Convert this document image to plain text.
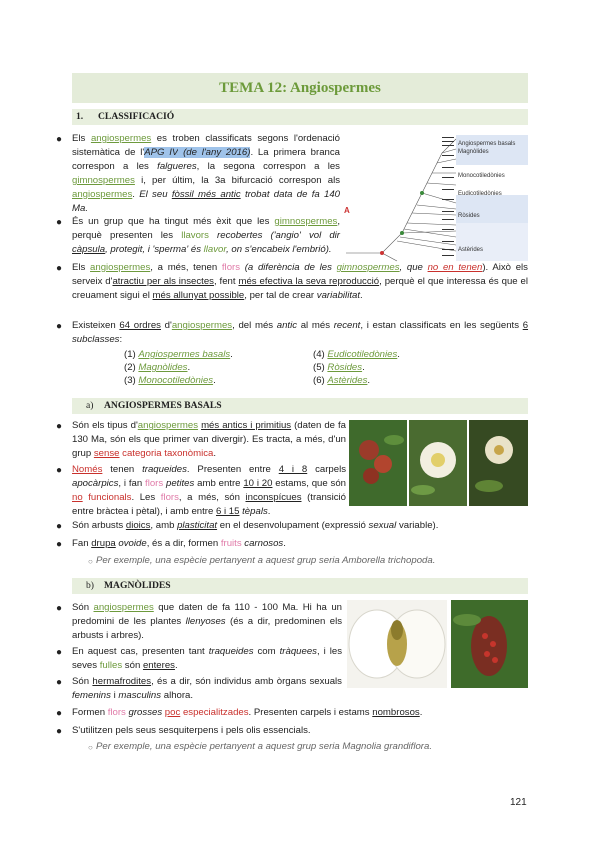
TEMA 12: Angiospermes
1. CLASSIFICACIÓ
A
Angiospermes basals
Magnòlides
Monocotiledònies
Eudicotiledònies
Ròsides
Astèrides
● Els angiospermes es troben classificats segons l'ordenació sistemàtica de l'APG IV (de l'any 2016). La primera branca correspon a les falgueres, la segona correspon a les gimnospermes i, per últim, la 3a bifurcació correspon als angiospermes. El seu fòssil més antic trobat data de fa 140 Ma.
● És un grup que ha tingut més èxit que les gimnospermes, perquè presenten les llavors recobertes ('angio' vol dir càpsula, protegit, i 'sperma' és llavor, on s'encabeix l'embrió).
● Els angiospermes, a més, tenen flors (a diferència de les gimnospermes, que no en tenen). Això els serveix d'atractiu per als insectes, fent més efectiva la seva reproducció, perquè el que interessa és que el creuament sigui el més allunyat possible, per tal de crear variabilitat.
● Existeixen 64 ordres d'angiospermes, del més antic al més recent, i estan classificats en les següents 6 subclasses:
(1) Angiospermes basals.
(2) Magnòlides.
(3) Monocotiledònies.
(4) Eudicotiledònies.
(5) Ròsides.
(6) Astèrides.
a) ANGIOSPERMES BASALS
● Són els tipus d'angiospermes més antics i primitius (daten de fa 130 Ma, són els que primer van divergir). Es tracta, a més, d'un grup sense categoria taxonòmica.
● Només tenen traqueides. Presenten entre 4 i 8 carpels apocàrpics, i fan flors petites amb entre 10 i 20 estams, que són no funcionals. Les flors, a més, són inconspícues (transició entre bràctea i pètal), i amb entre 6 i 15 tèpals.
● Són arbusts dioics, amb plasticitat en el desenvolupament (expressió sexual variable).
● Fan drupa ovoide, és a dir, formen fruits carnosos.
○ Per exemple, una espècie pertanyent a aquest grup seria Amborella trichopoda.
b) MAGNÒLIDES
● Són angiospermes que daten de fa 110 - 100 Ma. Hi ha un predomini de les plantes llenyoses (és a dir, predominen els arbusts i arbres).
● En aquest cas, presenten tant traqueides com tràquees, i les seves fulles són enteres.
● Són hermafrodites, és a dir, són individus amb òrgans sexuals femenins i masculins alhora.
● Formen flors grosses poc especialitzades. Presenten carpels i estams nombrosos.
● S'utilitzen pels seus sesquiterpens i pels olis essencials.
○ Per exemple, una espècie pertanyent a aquest grup seria Magnolia grandiflora.
121
